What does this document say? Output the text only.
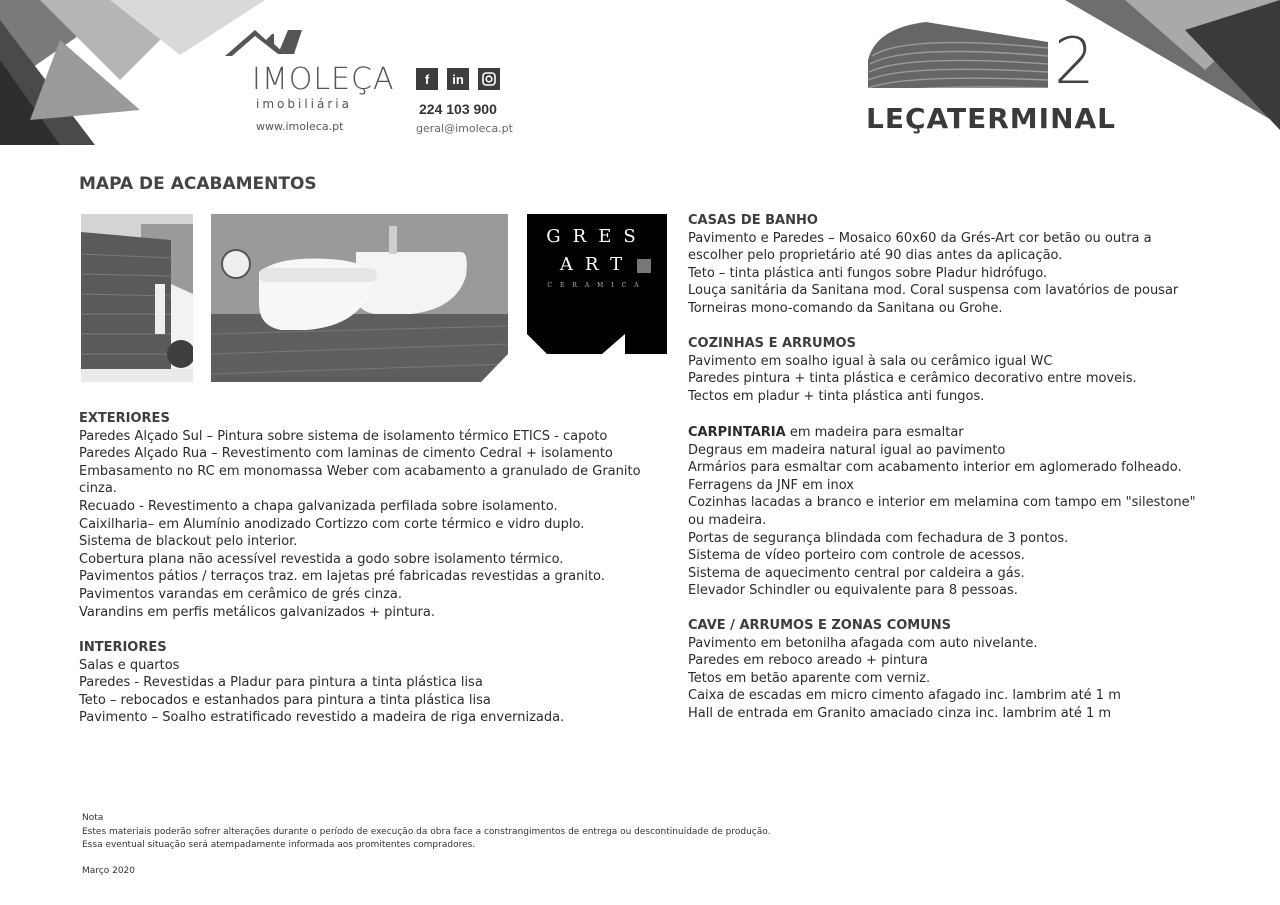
IMOLEÇA
imobiliária
www.imoleca.pt
f	in
224 103 900
geral@imoleca.pt
2
LEÇATERMINAL
MAPA DE ACABAMENTOS
GRES
ART
CERAMICA
EXTERIORES

Paredes Alçado Sul – Pintura sobre sistema de isolamento térmico ETICS - capoto

Paredes Alçado Rua – Revestimento com laminas de cimento Cedral + isolamento

Embasamento no RC em monomassa Weber com acabamento a granulado de Granito

cinza.

Recuado - Revestimento a chapa galvanizada perfilada sobre isolamento.

Caixilharia– em Alumínio anodizado Cortizzo com corte térmico e vidro duplo.

Sistema de blackout pelo interior.

Cobertura plana não acessível revestida a godo sobre isolamento térmico.

Pavimentos pátios / terraços traz. em lajetas pré fabricadas revestidas a granito.

Pavimentos varandas em cerâmico de grés cinza.

Varandins em perfis metálicos galvanizados + pintura.

INTERIORES

Salas e quartos

Paredes - Revestidas a Pladur para pintura a tinta plástica lisa

Teto – rebocados e estanhados para pintura a tinta plástica lisa

Pavimento – Soalho estratificado revestido a madeira de riga envernizada.

CASAS DE BANHO

Pavimento e Paredes – Mosaico 60x60 da Grés-Art cor betão ou outra a

escolher pelo proprietário até 90 dias antes da aplicação.

Teto – tinta plástica anti fungos sobre Pladur hidrófugo.

Louça sanitária da Sanitana mod. Coral suspensa com lavatórios de pousar

Torneiras mono-comando da Sanitana ou Grohe.

COZINHAS E ARRUMOS

Pavimento em soalho igual à sala ou cerâmico igual WC

Paredes pintura + tinta plástica e cerâmico decorativo entre moveis.

Tectos em pladur + tinta plástica anti fungos.

CARPINTARIA em madeira para esmaltar

Degraus em madeira natural igual ao pavimento

Armários para esmaltar com acabamento interior em aglomerado folheado.

Ferragens da JNF em inox

Cozinhas lacadas a branco e interior em melamina com tampo em "silestone"

ou madeira.

Portas de segurança blindada com fechadura de 3 pontos.

Sistema de vídeo porteiro com controle de acessos.

Sistema de aquecimento central por caldeira a gás.

Elevador Schindler ou equivalente para 8 pessoas.

CAVE / ARRUMOS E ZONAS COMUNS

Pavimento em betonilha afagada com auto nivelante.

Paredes em reboco areado + pintura

Tetos em betão aparente com verniz.

Caixa de escadas em micro cimento afagado inc. lambrim até 1 m

Hall de entrada em Granito amaciado cinza inc. lambrim até 1 m

Nota
Estes materiais poderão sofrer alterações durante o período de execução da obra face a constrangimentos de entrega ou descontinuidade de produção.
Essa eventual situação será atempadamente informada aos promitentes compradores.
Março 2020
